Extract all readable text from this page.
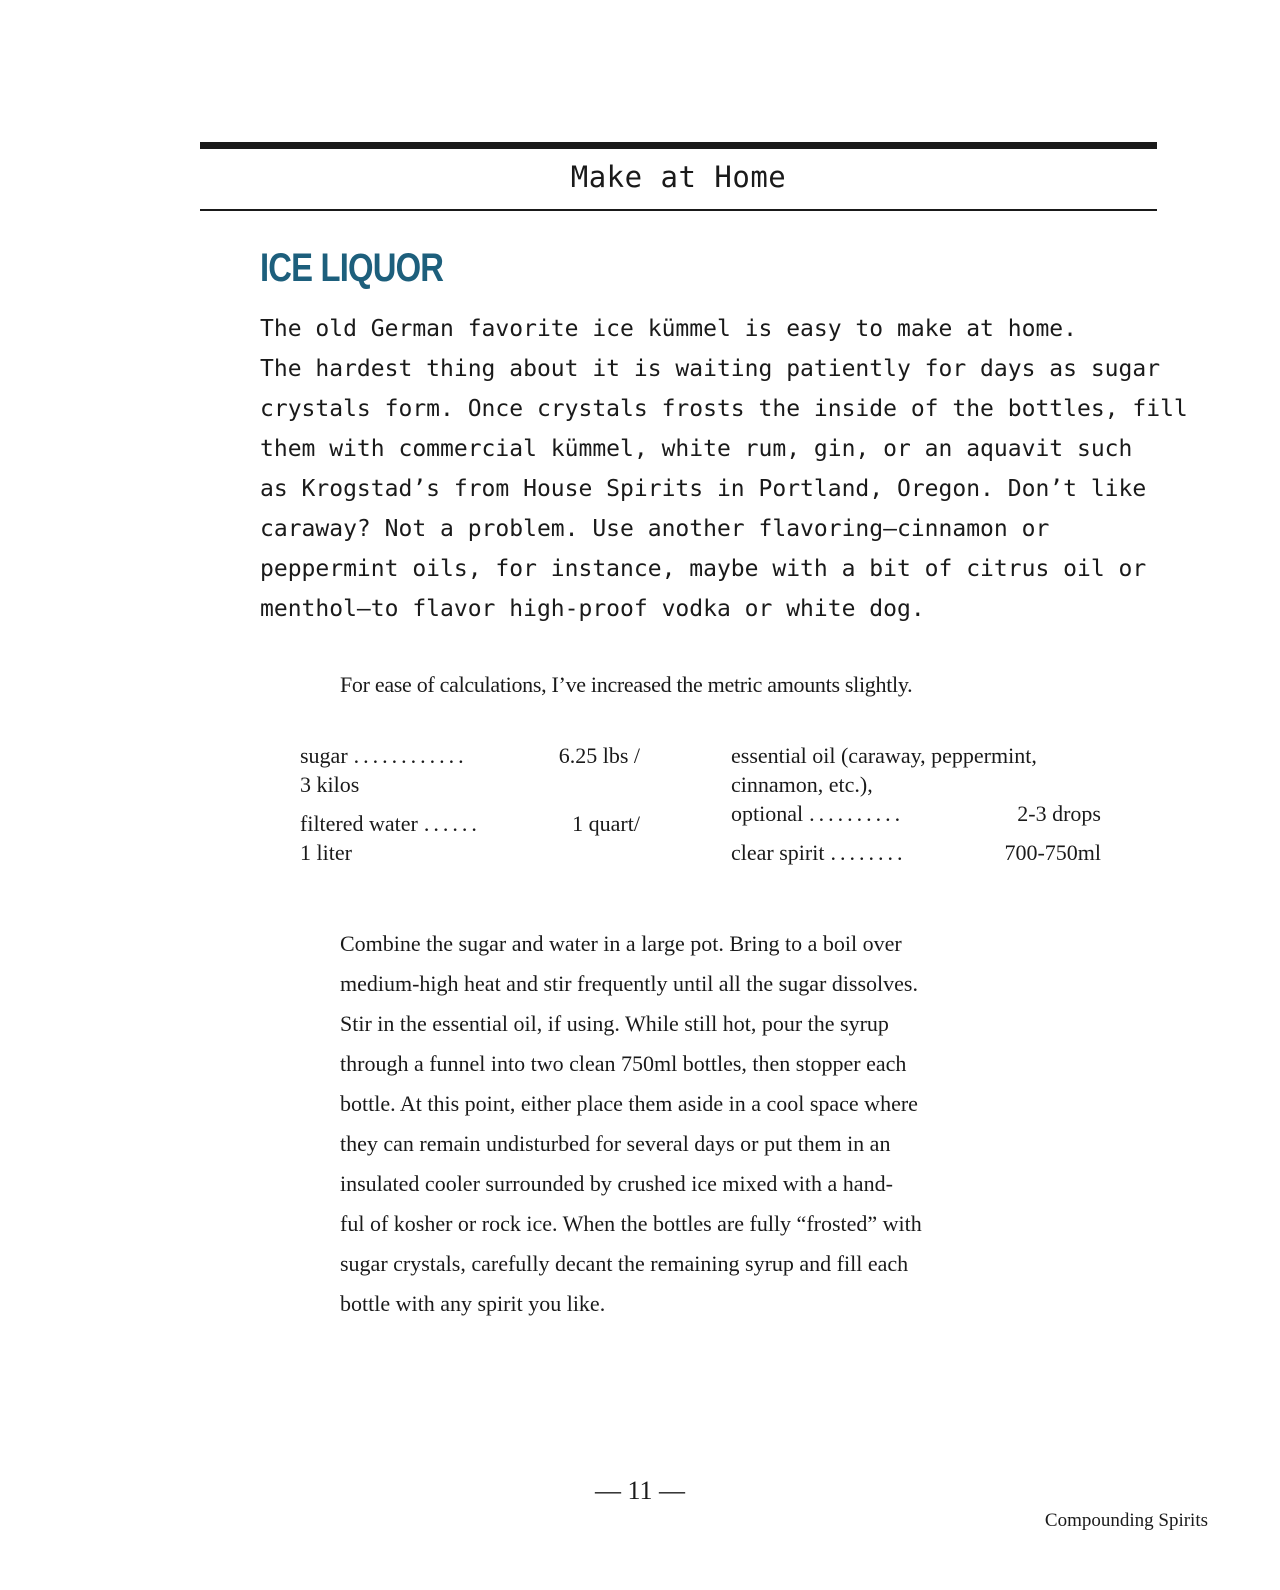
Make at Home
ICE LIQUOR
The old German favorite ice kümmel is easy to make at home.
The hardest thing about it is waiting patiently for days as sugar
crystals form. Once crystals frosts the inside of the bottles, fill
them with commercial kümmel, white rum, gin, or an aquavit such
as Krogstad’s from House Spirits in Portland, Oregon. Don’t like
caraway? Not a problem. Use another flavoring—cinnamon or
peppermint oils, for instance, maybe with a bit of citrus oil or
menthol—to flavor high-proof vodka or white dog.
For ease of calculations, I’ve increased the metric amounts slightly.
sugar ............	6.25 lbs /
3 kilos
filtered water ......	1 quart/
1 liter
essential oil (caraway, peppermint,
cinnamon, etc.),
optional ..........	2-3 drops
clear spirit ........	700-750ml
Combine the sugar and water in a large pot. Bring to a boil over
medium-high heat and stir frequently until all the sugar dissolves.
Stir in the essential oil, if using. While still hot, pour the syrup
through a funnel into two clean 750ml bottles, then stopper each
bottle. At this point, either place them aside in a cool space where
they can remain undisturbed for several days or put them in an
insulated cooler surrounded by crushed ice mixed with a hand-
ful of kosher or rock ice. When the bottles are fully “frosted” with
sugar crystals, carefully decant the remaining syrup and fill each
bottle with any spirit you like.
— 11 —
Compounding Spirits
